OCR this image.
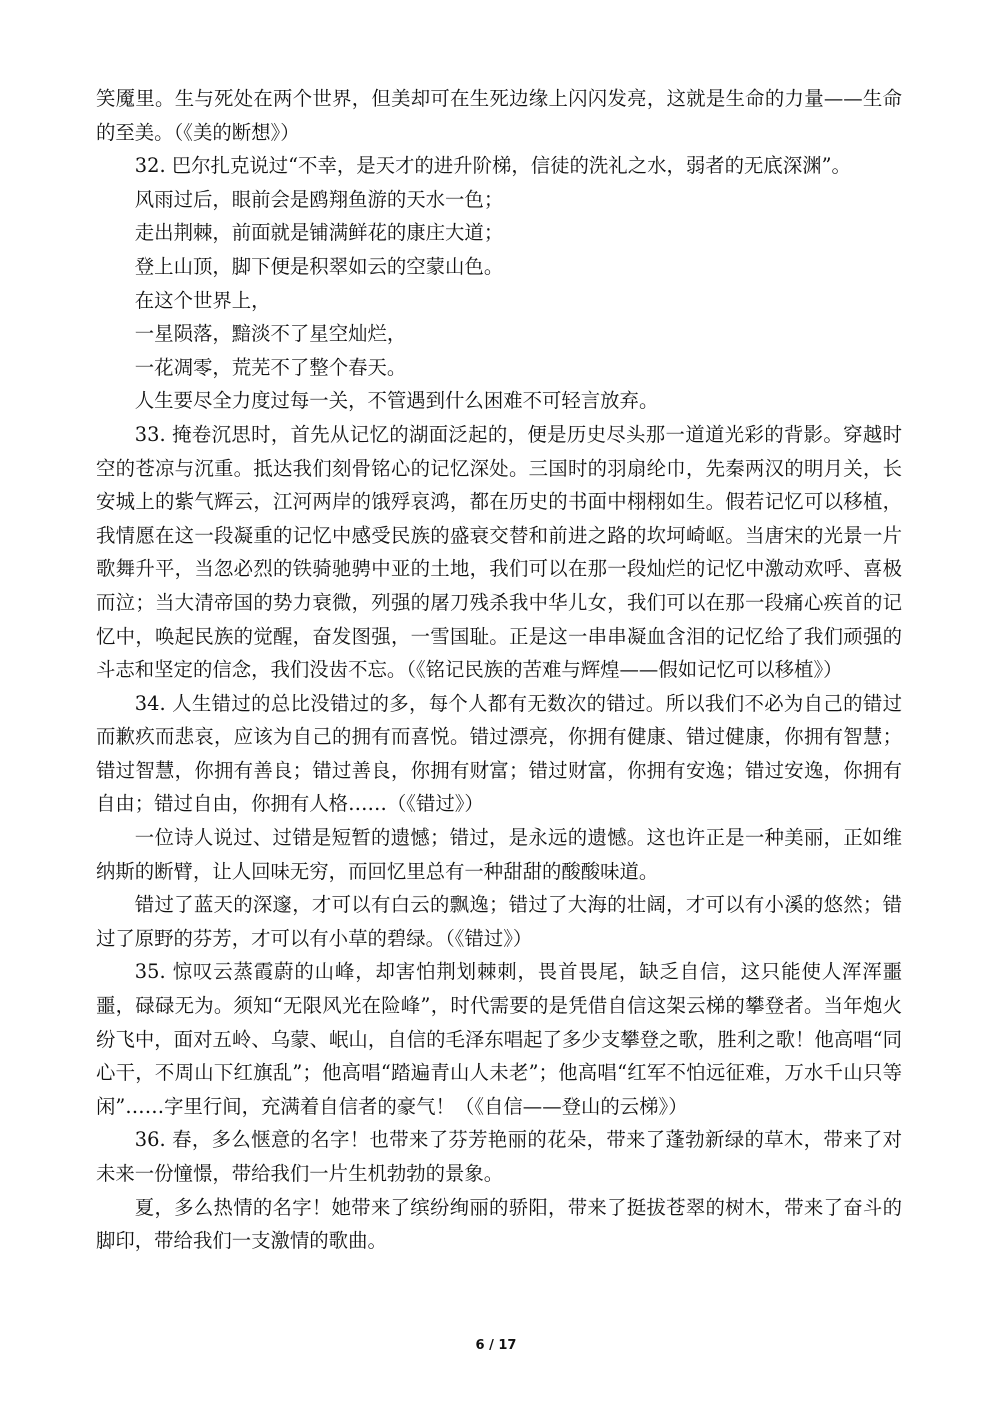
笑魇里。生与死处在两个世界，但美却可在生死边缘上闪闪发亮，这就是生命的力量——生命的至美。（《美的断想》）

32. 巴尔扎克说过“不幸，是天才的进升阶梯，信徒的洗礼之水，弱者的无底深渊”。

风雨过后，眼前会是鸥翔鱼游的天水一色；

走出荆棘，前面就是铺满鲜花的康庄大道；

登上山顶，脚下便是积翠如云的空蒙山色。

在这个世界上，

一星陨落，黯淡不了星空灿烂，

一花凋零，荒芜不了整个春天。

人生要尽全力度过每一关，不管遇到什么困难不可轻言放弃。

33. 掩卷沉思时，首先从记忆的湖面泛起的，便是历史尽头那一道道光彩的背影。穿越时空的苍凉与沉重。抵达我们刻骨铭心的记忆深处。三国时的羽扇纶巾，先秦两汉的明月关，长安城上的紫气辉云，江河两岸的饿殍哀鸿，都在历史的书面中栩栩如生。假若记忆可以移植，我情愿在这一段凝重的记忆中感受民族的盛衰交替和前进之路的坎坷崎岖。当唐宋的光景一片歌舞升平，当忽必烈的铁骑驰骋中亚的土地，我们可以在那一段灿烂的记忆中激动欢呼、喜极而泣；当大清帝国的势力衰微，列强的屠刀残杀我中华儿女，我们可以在那一段痛心疾首的记忆中，唤起民族的觉醒，奋发图强，一雪国耻。正是这一串串凝血含泪的记忆给了我们顽强的斗志和坚定的信念，我们没齿不忘。（《铭记民族的苦难与辉煌——假如记忆可以移植》）

34. 人生错过的总比没错过的多，每个人都有无数次的错过。所以我们不必为自己的错过而歉疚而悲哀，应该为自己的拥有而喜悦。错过漂亮，你拥有健康、错过健康，你拥有智慧；错过智慧，你拥有善良；错过善良，你拥有财富；错过财富，你拥有安逸；错过安逸，你拥有自由；错过自由，你拥有人格……（《错过》）

一位诗人说过、过错是短暂的遗憾；错过，是永远的遗憾。这也许正是一种美丽，正如维纳斯的断臂，让人回味无穷，而回忆里总有一种甜甜的酸酸味道。

错过了蓝天的深邃，才可以有白云的飘逸；错过了大海的壮阔，才可以有小溪的悠然；错过了原野的芬芳，才可以有小草的碧绿。（《错过》）

35. 惊叹云蒸霞蔚的山峰，却害怕荆划棘刺，畏首畏尾，缺乏自信，这只能使人浑浑噩噩，碌碌无为。须知“无限风光在险峰”，时代需要的是凭借自信这架云梯的攀登者。当年炮火纷飞中，面对五岭、乌蒙、岷山，自信的毛泽东唱起了多少支攀登之歌，胜利之歌！他高唱“同心干，不周山下红旗乱”；他高唱“踏遍青山人未老”；他高唱“红军不怕远征难，万水千山只等闲”……字里行间，充满着自信者的豪气！（《自信——登山的云梯》）

36. 春，多么惬意的名字！也带来了芬芳艳丽的花朵，带来了蓬勃新绿的草木，带来了对未来一份憧憬，带给我们一片生机勃勃的景象。

夏，多么热情的名字！她带来了缤纷绚丽的骄阳，带来了挺拔苍翠的树木，带来了奋斗的脚印，带给我们一支激情的歌曲。

6 / 17
